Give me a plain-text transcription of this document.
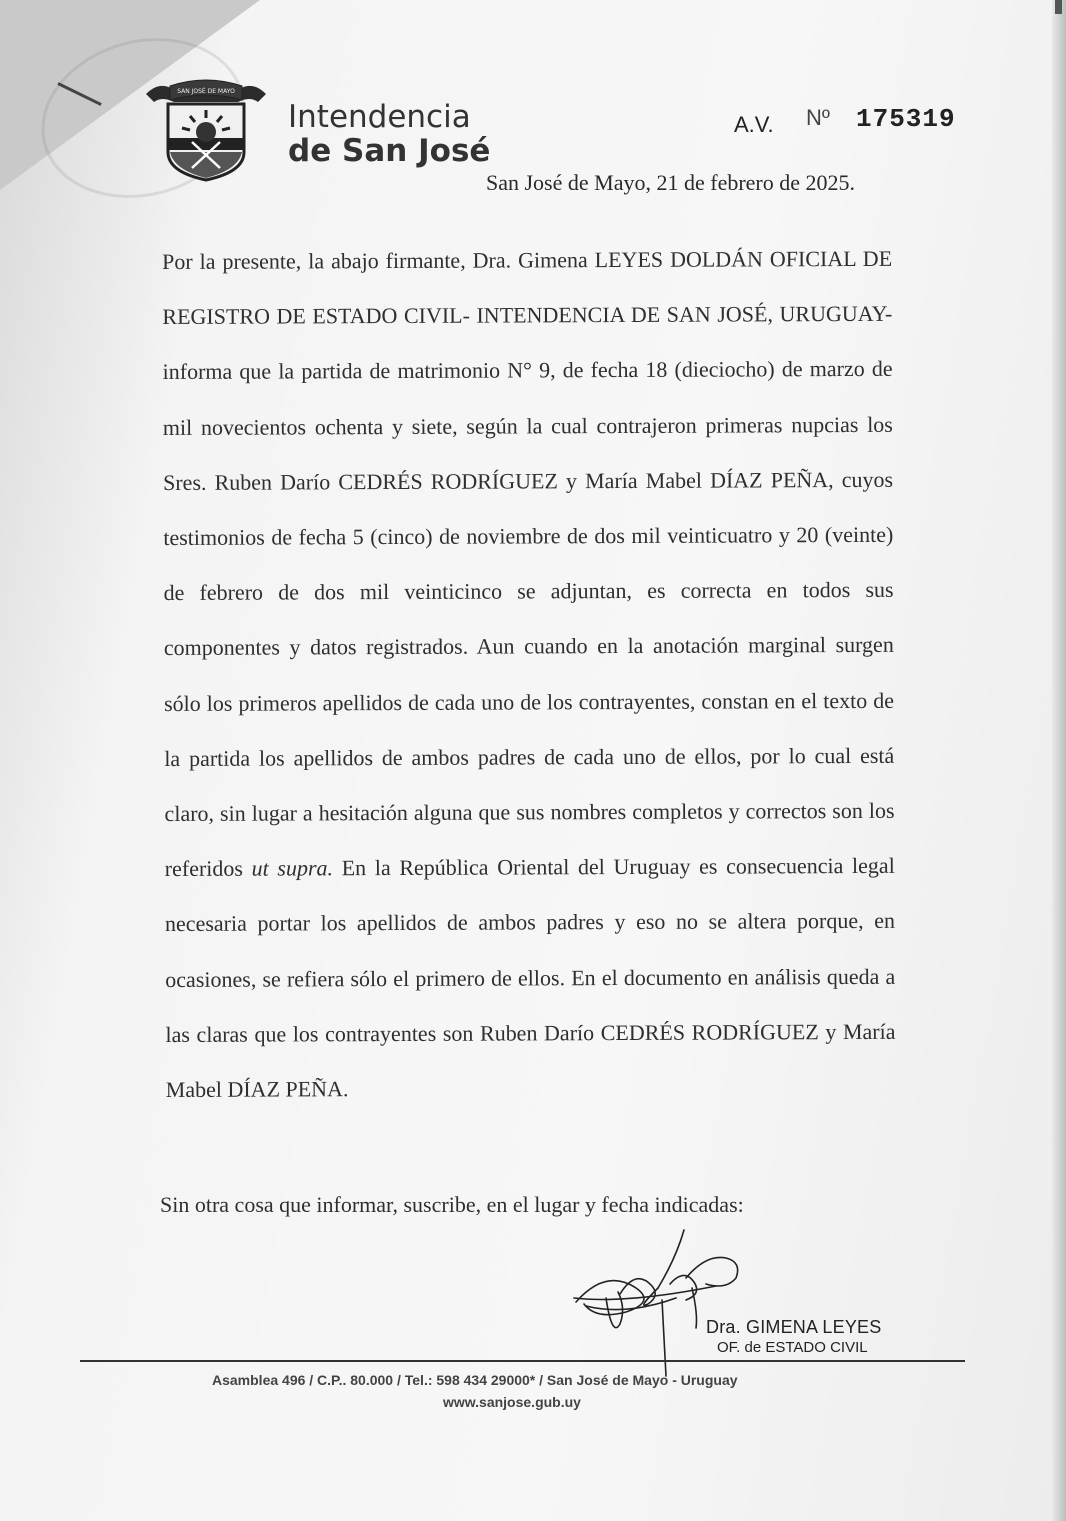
SAN JOSÉ DE MAYO
Intendencia
de San José
A.V. Nº 175319
San José de Mayo, 21 de febrero de 2025.

Por la presente, la abajo firmante, Dra. Gimena LEYES DOLDÁN OFICIAL DE REGISTRO DE ESTADO CIVIL- INTENDENCIA DE SAN JOSÉ, URUGUAY- informa que la partida de matrimonio N° 9, de fecha 18 (dieciocho) de marzo de mil novecientos ochenta y siete, según la cual contrajeron primeras nupcias los Sres. Ruben Darío CEDRÉS RODRÍGUEZ y María Mabel DÍAZ PEÑA, cuyos testimonios de fecha 5 (cinco) de noviembre de dos mil veinticuatro y 20 (veinte) de febrero de dos mil veinticinco se adjuntan, es correcta en todos sus componentes y datos registrados. Aun cuando en la anotación marginal surgen sólo los primeros apellidos de cada uno de los contrayentes, constan en el texto de la partida los apellidos de ambos padres de cada uno de ellos, por lo cual está claro, sin lugar a hesitación alguna que sus nombres completos y correctos son los referidos ut supra. En la República Oriental del Uruguay es consecuencia legal necesaria portar los apellidos de ambos padres y eso no se altera porque, en ocasiones, se refiera sólo el primero de ellos. En el documento en análisis queda a las claras que los contrayentes son Ruben Darío CEDRÉS RODRÍGUEZ y María Mabel DÍAZ PEÑA.

Sin otra cosa que informar, suscribe, en el lugar y fecha indicadas:
Dra. GIMENA LEYES
OF. de ESTADO CIVIL
Asamblea 496 / C.P.. 80.000 / Tel.: 598 434 29000* / San José de Mayo - Uruguay
www.sanjose.gub.uy
